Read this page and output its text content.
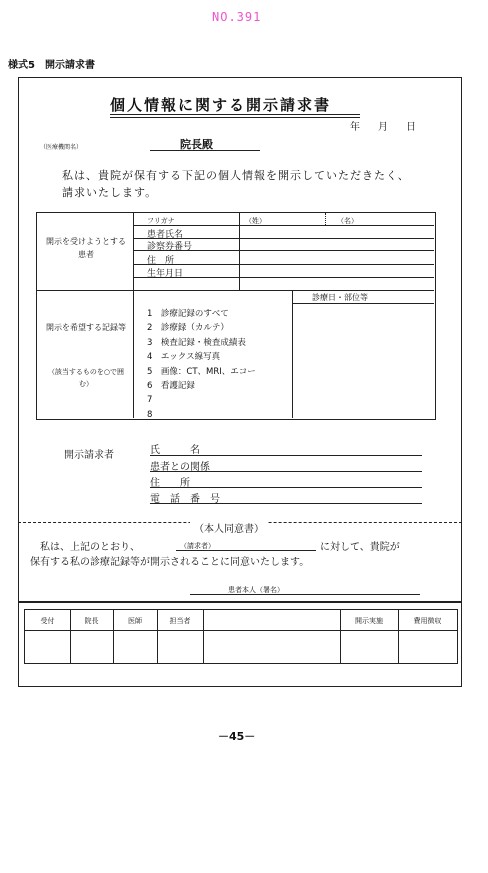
NO.391
様式5　開示請求書
個人情報に関する開示請求書
年　月　日
（医療機関名）	院長殿
私は、貴院が保有する下記の個人情報を開示していただきたく、請求いたします。
開示を受けようとする患者
フリガナ	（姓）	（名）
患者氏名
診察券番号
住　所
生年月日
診療日・部位等
開示を希望する記録等
（該当するものを○で囲む）
1　診療記録のすべて
2　診療録（カルテ）
3　検査記録・検査成績表
4　エックス線写真
5　画像：CT、MRI、エコー
6　看護記録
7
8
開示請求者	氏　　　名
患者との関係
住　　所
電　話　番　号
（本人同意書）
私は、上記のとおり、	（請求者）	に対して、貴院が
保有する私の診療記録等が開示されることに同意いたします。
患者本人（署名）
受付	院長	医師	担当者	開示実施	費用徴収
－45－
